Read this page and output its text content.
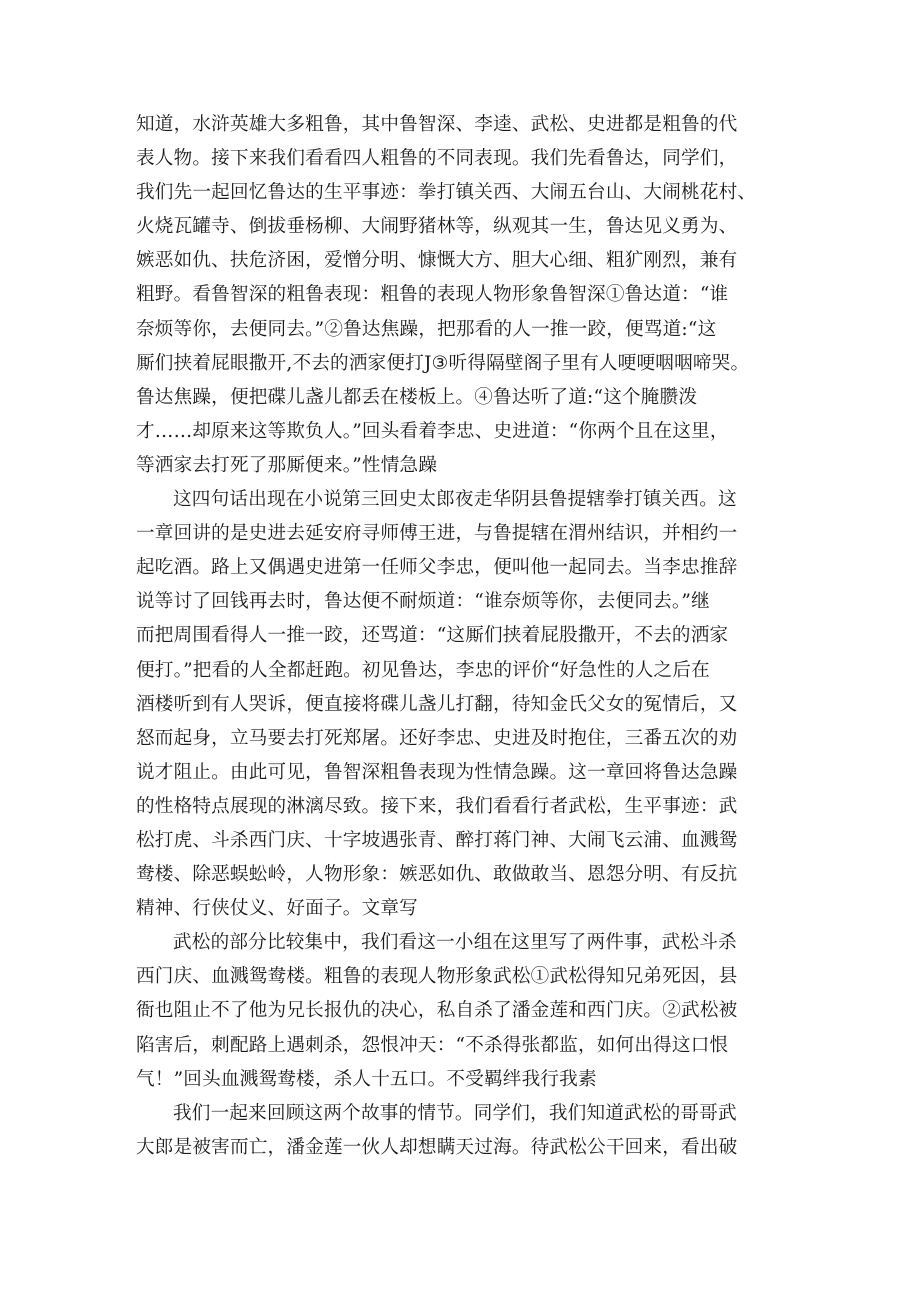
知道，水浒英雄大多粗鲁，其中鲁智深、李逵、武松、史进都是粗鲁的代
表人物。接下来我们看看四人粗鲁的不同表现。我们先看鲁达，同学们，
我们先一起回忆鲁达的生平事迹：拳打镇关西、大闹五台山、大闹桃花村、
火烧瓦罐寺、倒拔垂杨柳、大闹野猪林等，纵观其一生，鲁达见义勇为、
嫉恶如仇、扶危济困，爱憎分明、慷慨大方、胆大心细、粗犷刚烈，兼有
粗野。看鲁智深的粗鲁表现：粗鲁的表现人物形象鲁智深①鲁达道：“谁
奈烦等你，去便同去。”②鲁达焦躁，把那看的人一推一跤，便骂道:“这
厮们挟着屁眼撒开,不去的洒家便打J③听得隔壁阁子里有人哽哽咽咽啼哭。
鲁达焦躁，便把碟儿盏儿都丢在楼板上。④鲁达听了道:“这个腌臜泼
才……却原来这等欺负人。”回头看着李忠、史进道：“你两个且在这里，
等洒家去打死了那厮便来。”性情急躁
这四句话出现在小说第三回史太郎夜走华阴县鲁提辖拳打镇关西。这
一章回讲的是史进去延安府寻师傅王进，与鲁提辖在渭州结识，并相约一
起吃酒。路上又偶遇史进第一任师父李忠，便叫他一起同去。当李忠推辞
说等讨了回钱再去时，鲁达便不耐烦道：“谁奈烦等你，去便同去。”继
而把周围看得人一推一跤，还骂道：“这厮们挟着屁股撒开，不去的洒家
便打。”把看的人全都赶跑。初见鲁达，李忠的评价“好急性的人之后在
酒楼听到有人哭诉，便直接将碟儿盏儿打翻，待知金氏父女的冤情后，又
怒而起身，立马要去打死郑屠。还好李忠、史进及时抱住，三番五次的劝
说才阻止。由此可见，鲁智深粗鲁表现为性情急躁。这一章回将鲁达急躁
的性格特点展现的淋漓尽致。接下来，我们看看行者武松，生平事迹：武
松打虎、斗杀西门庆、十字坡遇张青、醉打蒋门神、大闹飞云浦、血溅鸳
鸯楼、除恶蜈蚣岭，人物形象：嫉恶如仇、敢做敢当、恩怨分明、有反抗
精神、行侠仗义、好面子。文章写
武松的部分比较集中，我们看这一小组在这里写了两件事，武松斗杀
西门庆、血溅鸳鸯楼。粗鲁的表现人物形象武松①武松得知兄弟死因，县
衙也阻止不了他为兄长报仇的决心，私自杀了潘金莲和西门庆。②武松被
陷害后，刺配路上遇刺杀，怨恨冲天：“不杀得张都监，如何出得这口恨
气！”回头血溅鸳鸯楼，杀人十五口。不受羁绊我行我素
我们一起来回顾这两个故事的情节。同学们，我们知道武松的哥哥武
大郎是被害而亡，潘金莲一伙人却想瞒天过海。待武松公干回来，看出破
